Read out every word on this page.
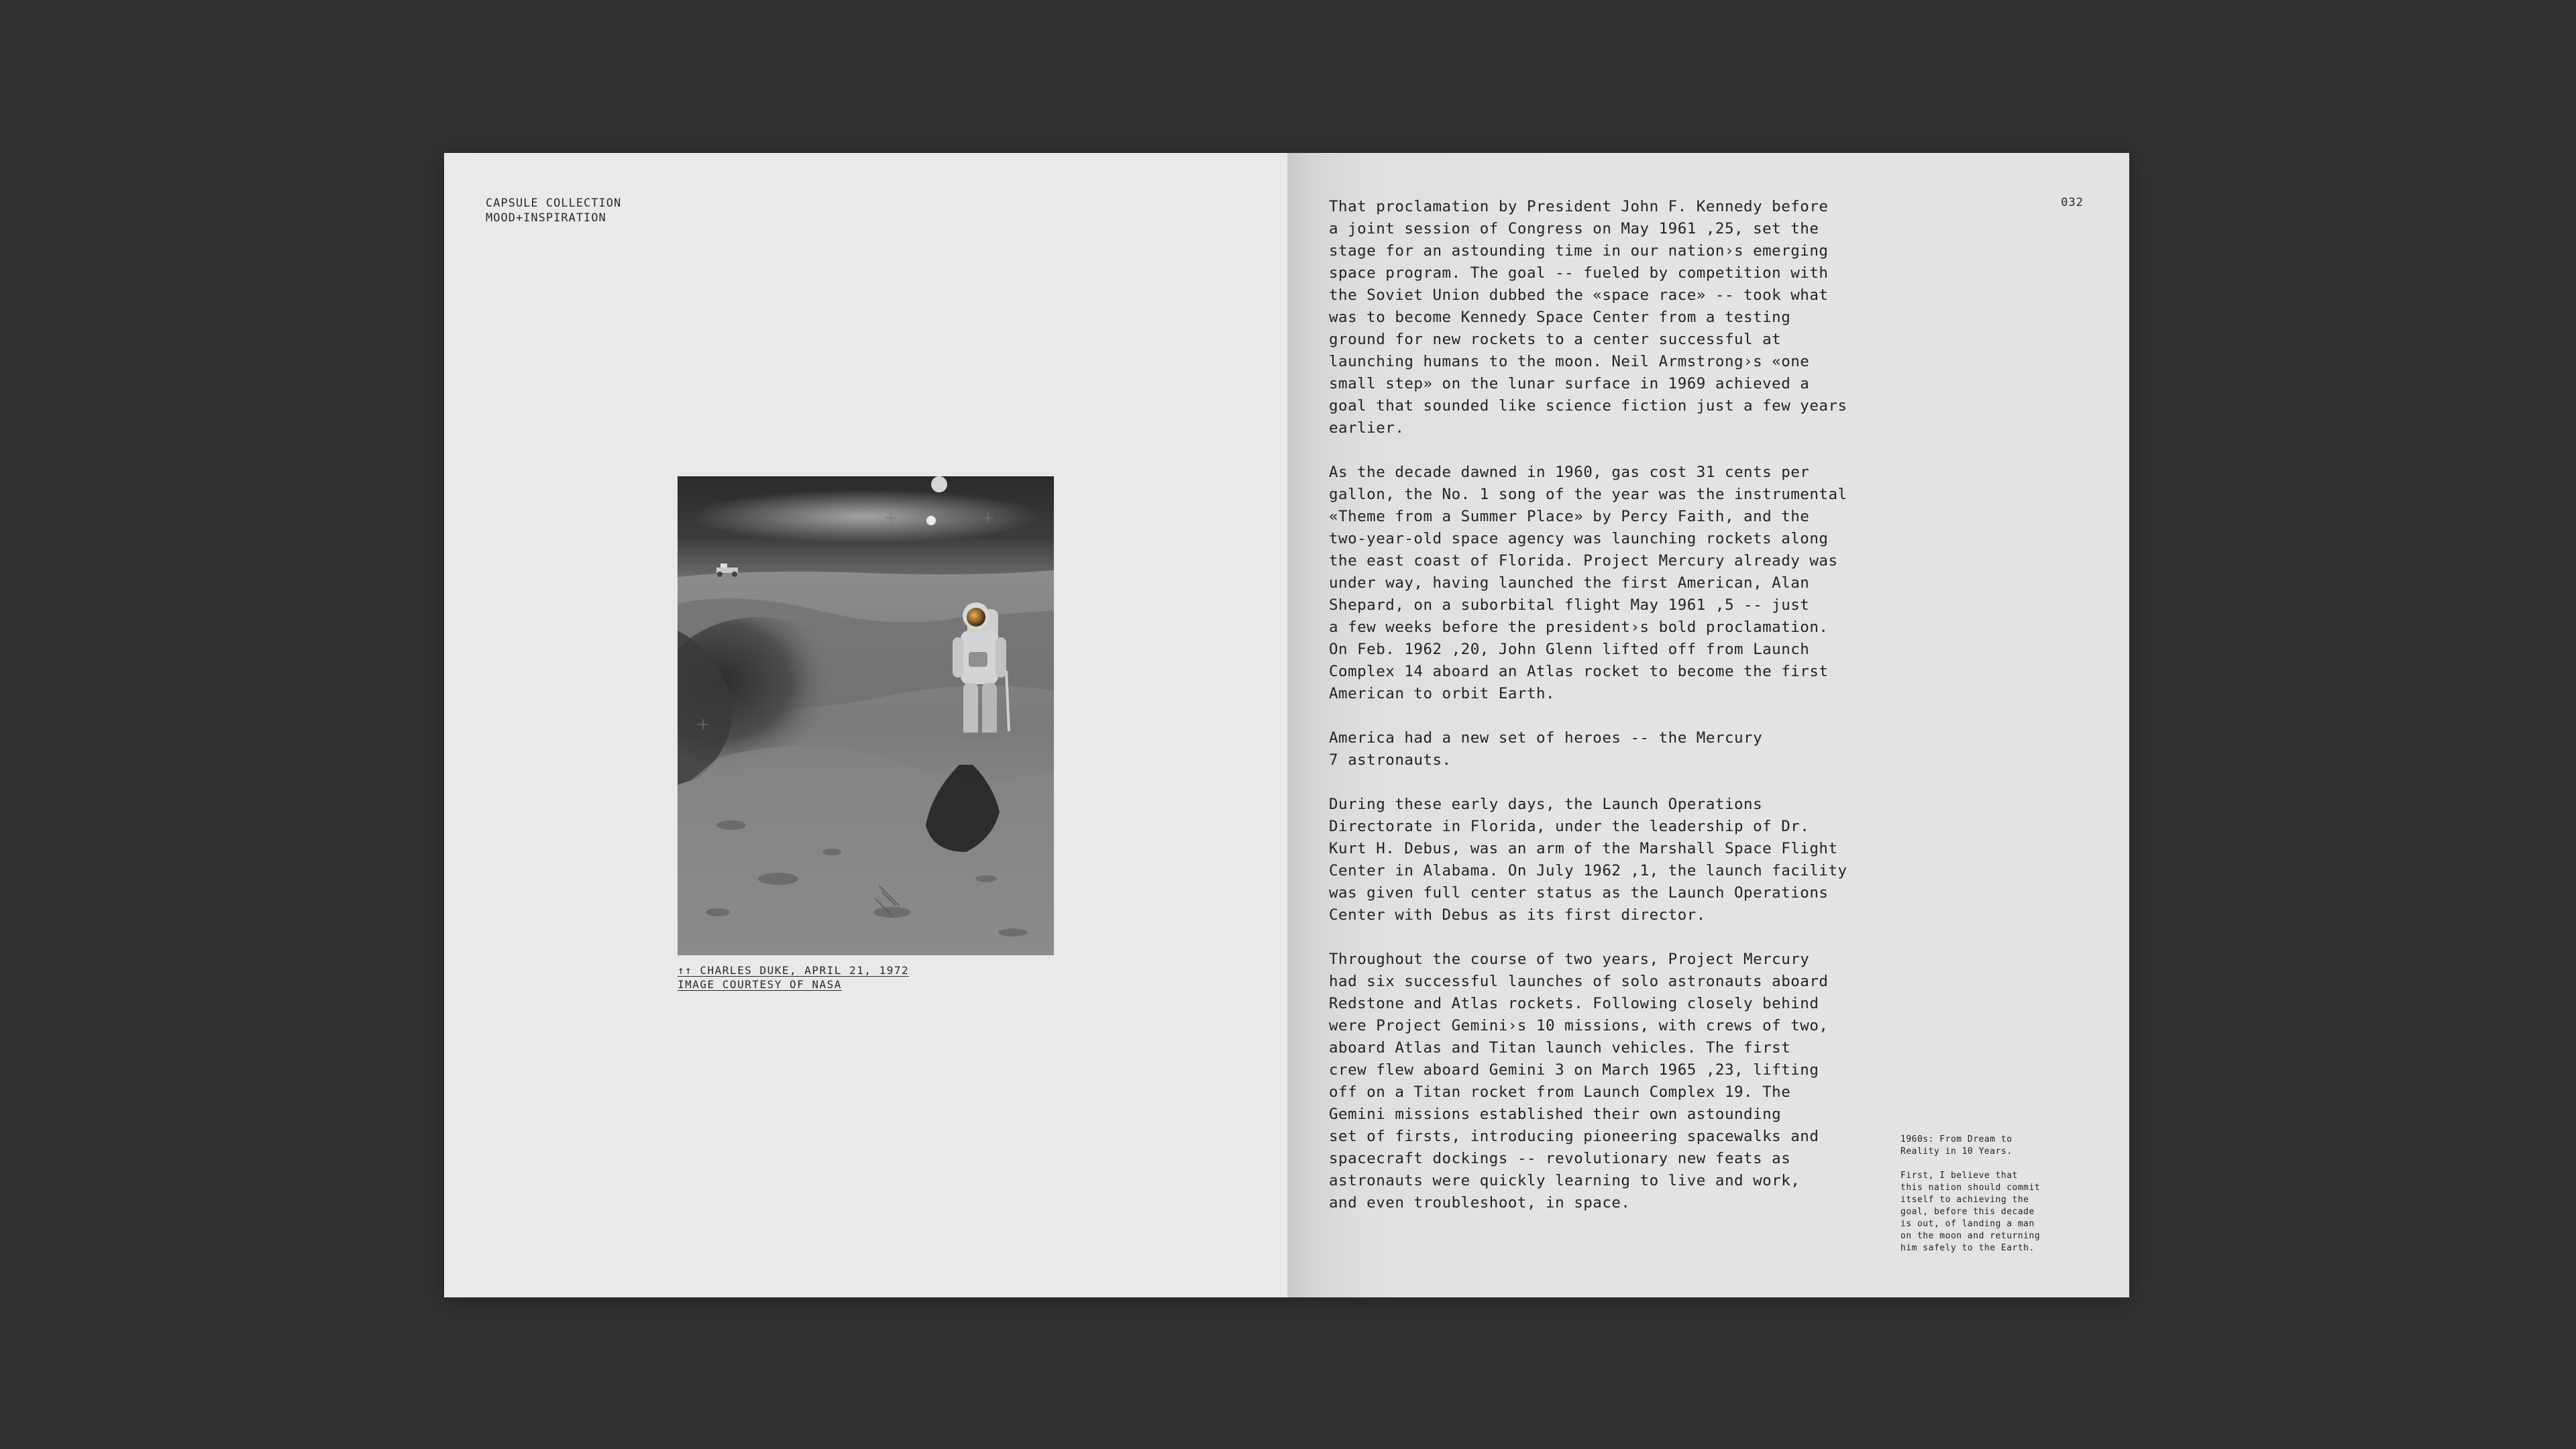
CAPSULE COLLECTION
MOOD+INSPIRATION
↑↑ CHARLES DUKE, APRIL 21, 1972
IMAGE COURTESY OF NASA
032

That proclamation by President John F. Kennedy before
a joint session of Congress on May 1961 ,25, set the
stage for an astounding time in our nation›s emerging
space program. The goal -- fueled by competition with
the Soviet Union dubbed the «space race» -- took what
was to become Kennedy Space Center from a testing
ground for new rockets to a center successful at
launching humans to the moon. Neil Armstrong›s «one
small step» on the lunar surface in 1969 achieved a
goal that sounded like science fiction just a few years
earlier.

As the decade dawned in 1960, gas cost 31 cents per
gallon, the No. 1 song of the year was the instrumental
«Theme from a Summer Place» by Percy Faith, and the
two-year-old space agency was launching rockets along
the east coast of Florida. Project Mercury already was
under way, having launched the first American, Alan
Shepard, on a suborbital flight May 1961 ,5 -- just
a few weeks before the president›s bold proclamation.
On Feb. 1962 ,20, John Glenn lifted off from Launch
Complex 14 aboard an Atlas rocket to become the first
American to orbit Earth.

America had a new set of heroes -- the Mercury
7 astronauts.

During these early days, the Launch Operations
Directorate in Florida, under the leadership of Dr.
Kurt H. Debus, was an arm of the Marshall Space Flight
Center in Alabama. On July 1962 ,1, the launch facility
was given full center status as the Launch Operations
Center with Debus as its first director.

Throughout the course of two years, Project Mercury
had six successful launches of solo astronauts aboard
Redstone and Atlas rockets. Following closely behind
were Project Gemini›s 10 missions, with crews of two,
aboard Atlas and Titan launch vehicles. The first
crew flew aboard Gemini 3 on March 1965 ,23, lifting
off on a Titan rocket from Launch Complex 19. The
Gemini missions established their own astounding
set of firsts, introducing pioneering spacewalks and
spacecraft dockings -- revolutionary new feats as
astronauts were quickly learning to live and work,
and even troubleshoot, in space.

1960s: From Dream to
Reality in 10 Years.

First, I believe that
this nation should commit
itself to achieving the
goal, before this decade
is out, of landing a man
on the moon and returning
him safely to the Earth.
